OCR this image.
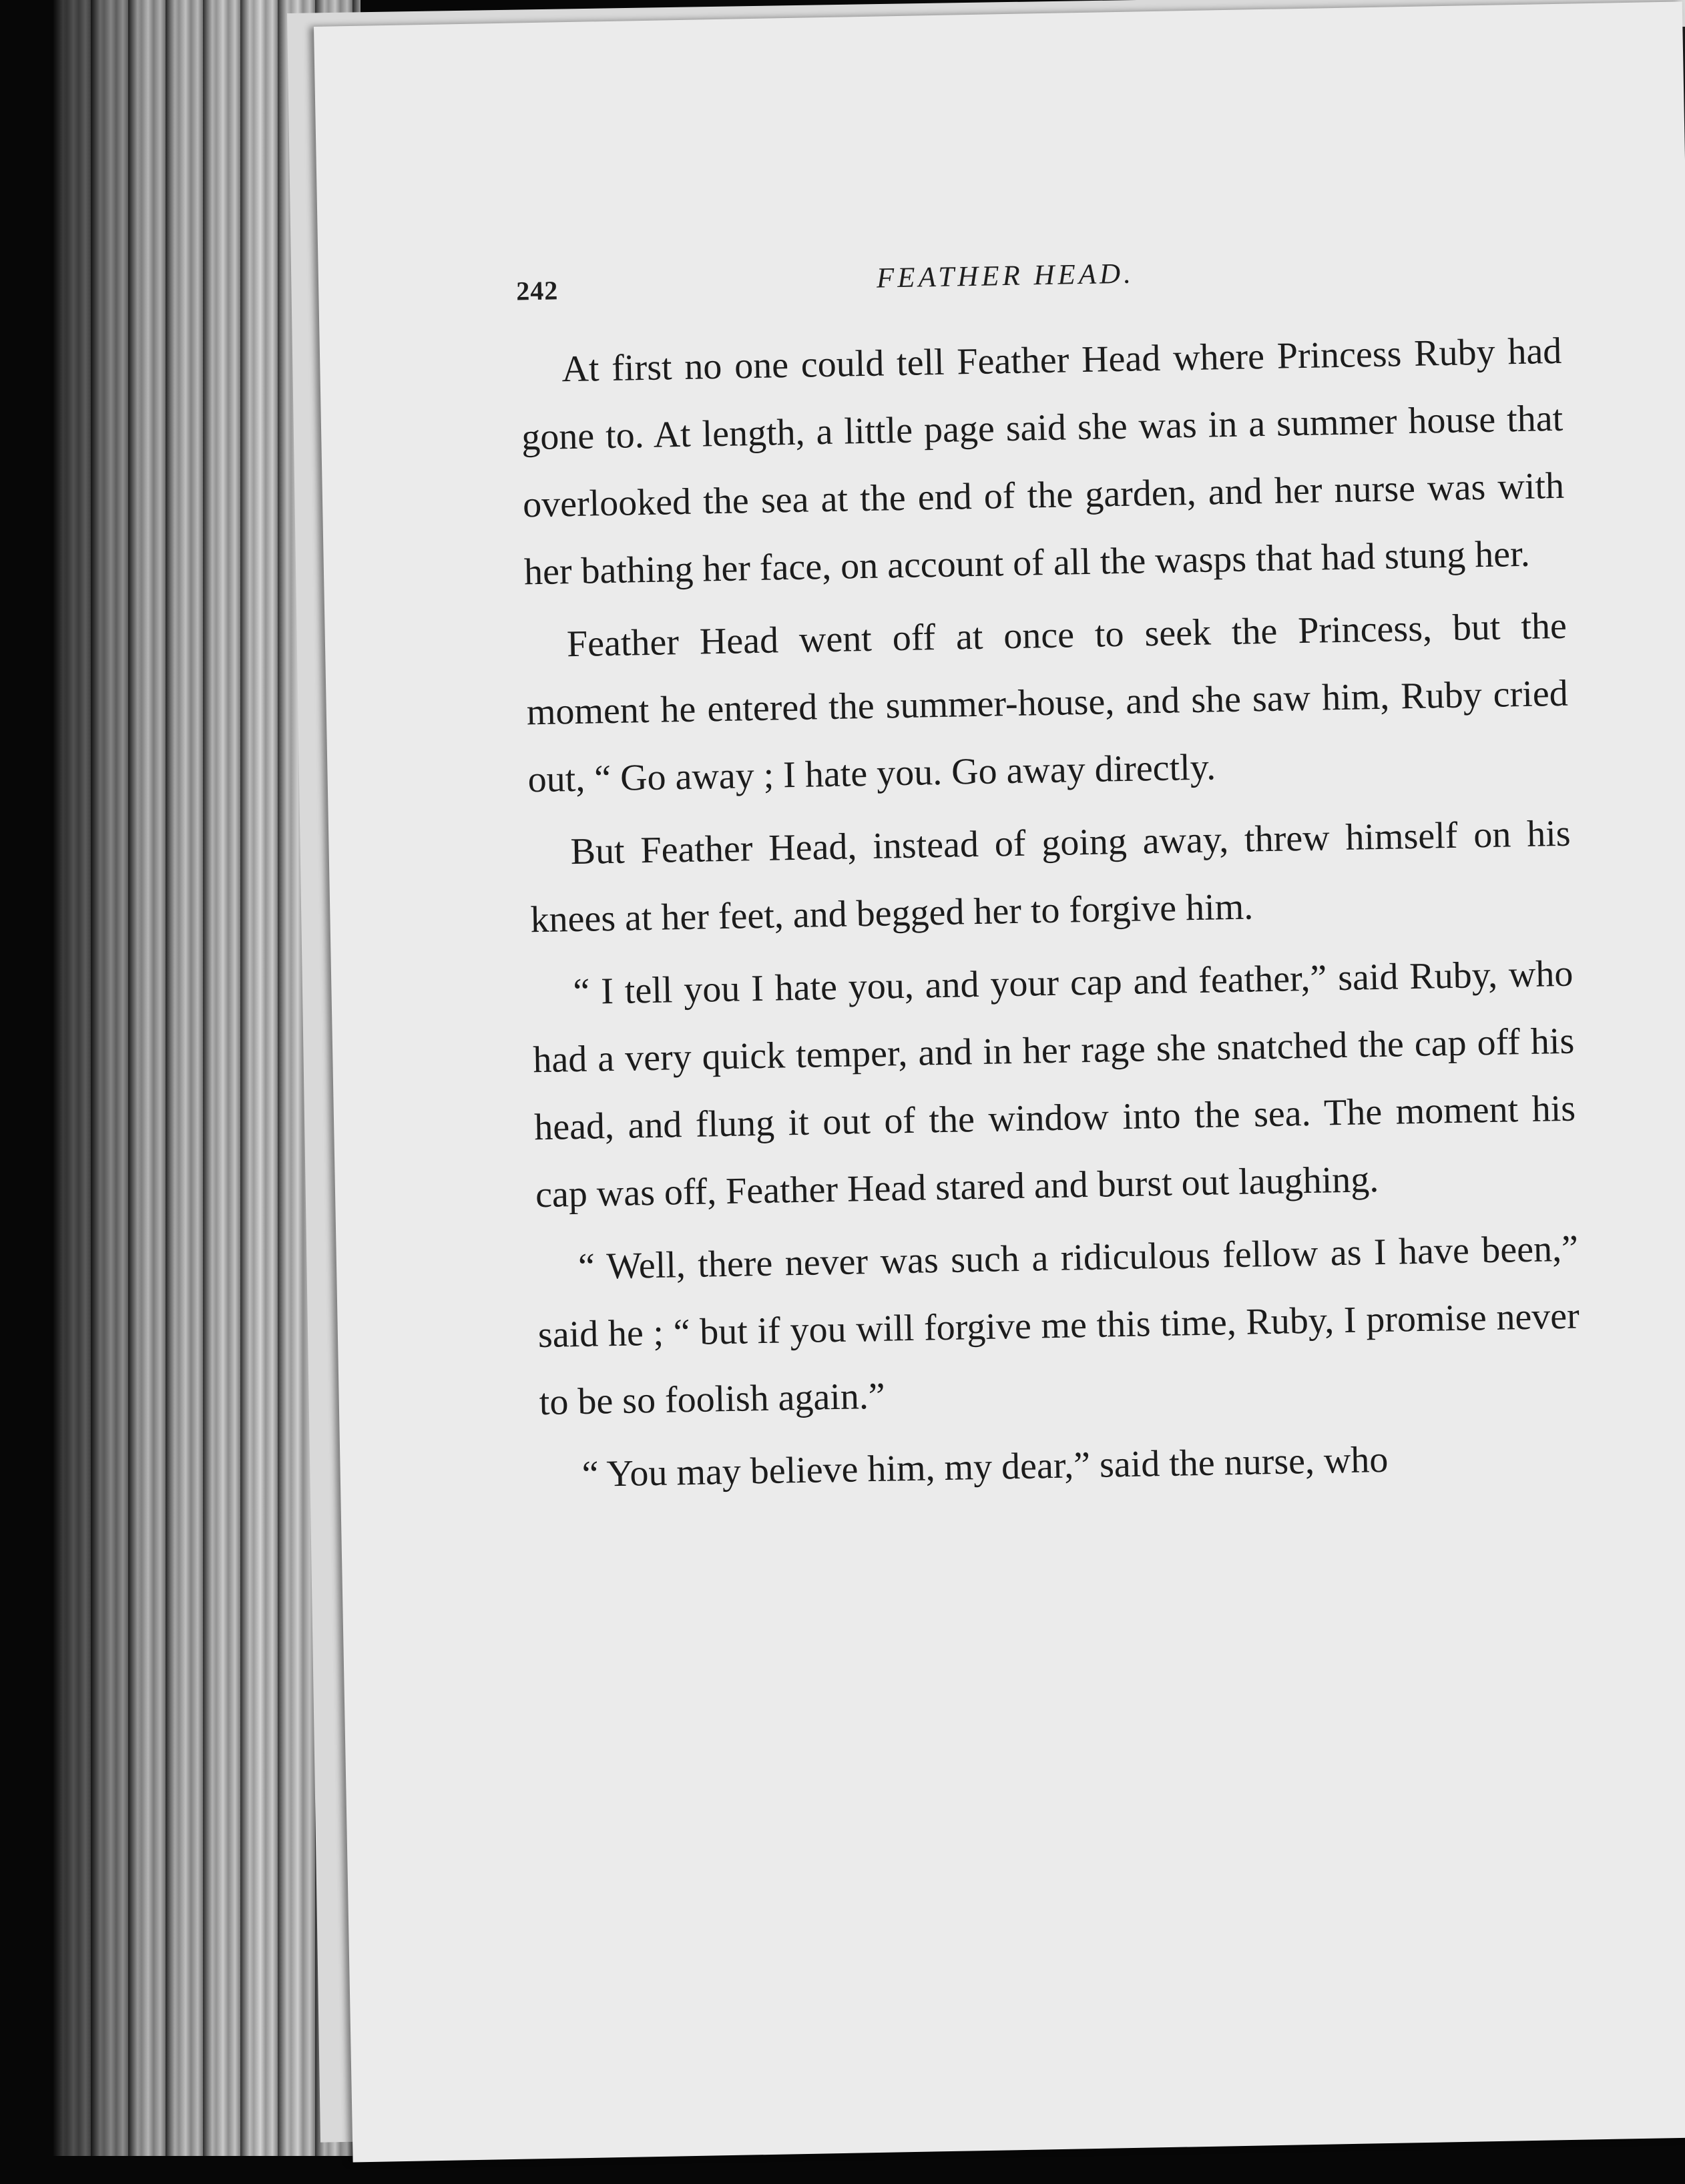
242	FEATHER HEAD.

At first no one could tell Feather Head where Princess Ruby had gone to. At length, a little page said she was in a summer house that overlooked the sea at the end of the garden, and her nurse was with her bathing her face, on account of all the wasps that had stung her.

Feather Head went off at once to seek the Princess, but the moment he entered the summer-house, and she saw him, Ruby cried out, “ Go away ; I hate you. Go away directly.

But Feather Head, instead of going away, threw himself on his knees at her feet, and begged her to forgive him.

“ I tell you I hate you, and your cap and feather,” said Ruby, who had a very quick temper, and in her rage she snatched the cap off his head, and flung it out of the window into the sea. The moment his cap was off, Feather Head stared and burst out laughing.

“ Well, there never was such a ridiculous fellow as I have been,” said he ; “ but if you will forgive me this time, Ruby, I promise never to be so foolish again.”

“ You may believe him, my dear,” said the nurse, who
